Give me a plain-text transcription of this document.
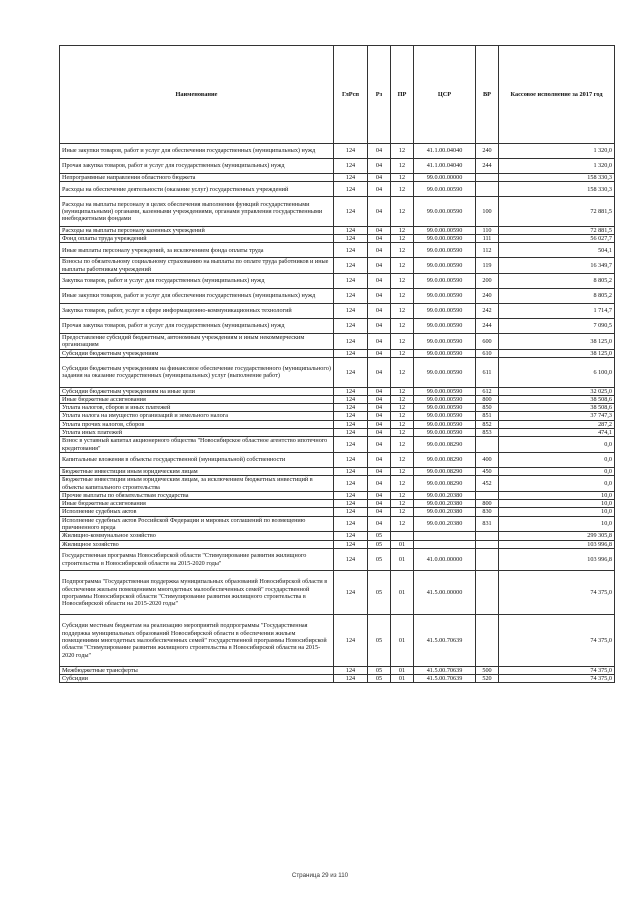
Наименование	ГлРсп	Рз	ПР	ЦСР	ВР	Кассовое исполнение за 2017 год
Иные закупки товаров, работ и услуг для обеспечения государственных (муниципальных) нужд	124	04	12	41.1.00.04040	240	1 320,0
Прочая закупка товаров, работ и услуг для государственных (муниципальных) нужд	124	04	12	41.1.00.04040	244	1 320,0
Непрограммные направления областного бюджета	124	04	12	99.0.00.00000		158 330,3
Расходы на обеспечение деятельности (оказание услуг) государственных учреждений	124	04	12	99.0.00.00590		158 330,3
Расходы на выплаты персоналу в целях обеспечения выполнения функций государственными (муниципальными) органами, казенными учреждениями, органами управления государственными внебюджетными фондами	124	04	12	99.0.00.00590	100	72 881,5
Расходы на выплаты персоналу казенных учреждений	124	04	12	99.0.00.00590	110	72 881,5
Фонд оплаты труда учреждений	124	04	12	99.0.00.00590	111	56 027,7
Иные выплаты персоналу учреждений, за исключением фонда оплаты труда	124	04	12	99.0.00.00590	112	504,1
Взносы по обязательному социальному страхованию на выплаты по оплате труда работников и иные выплаты работникам учреждений	124	04	12	99.0.00.00590	119	16 349,7
Закупка товаров, работ и услуг для государственных (муниципальных) нужд	124	04	12	99.0.00.00590	200	8 805,2
Иные закупки товаров, работ и услуг для обеспечения государственных (муниципальных) нужд	124	04	12	99.0.00.00590	240	8 805,2
Закупка товаров, работ, услуг в сфере информационно-коммуникационных технологий	124	04	12	99.0.00.00590	242	1 714,7
Прочая закупка товаров, работ и услуг для государственных (муниципальных) нужд	124	04	12	99.0.00.00590	244	7 090,5
Предоставление субсидий бюджетным, автономным учреждениям и иным некоммерческим организациям	124	04	12	99.0.00.00590	600	38 125,0
Субсидии бюджетным учреждениям	124	04	12	99.0.00.00590	610	38 125,0
Субсидии бюджетным учреждениям на финансовое обеспечение государственного (муниципального) задания на оказание государственных (муниципальных) услуг (выполнение работ)	124	04	12	99.0.00.00590	611	6 100,0
Субсидии бюджетным учреждениям на иные цели	124	04	12	99.0.00.00590	612	32 025,0
Иные бюджетные ассигнования	124	04	12	99.0.00.00590	800	38 508,6
Уплата налогов, сборов и иных платежей	124	04	12	99.0.00.00590	850	38 508,6
Уплата налога на имущество организаций и земельного налога	124	04	12	99.0.00.00590	851	37 747,3
Уплата прочих налогов, сборов	124	04	12	99.0.00.00590	852	287,2
Уплата иных платежей	124	04	12	99.0.00.00590	853	474,1
Взнос в уставный капитал акционерного общества "Новосибирское областное агентство ипотечного кредитования"	124	04	12	99.0.00.08290		0,0
Капитальные вложения в объекты государственной (муниципальной) собственности	124	04	12	99.0.00.08290	400	0,0
Бюджетные инвестиции иным юридическим лицам	124	04	12	99.0.00.08290	450	0,0
Бюджетные инвестиции иным юридическим лицам, за исключением бюджетных инвестиций в объекты капитального строительства	124	04	12	99.0.00.08290	452	0,0
Прочие выплаты по обязательствам государства	124	04	12	99.0.00.20380		10,0
Иные бюджетные ассигнования	124	04	12	99.0.00.20380	800	10,0
Исполнение судебных актов	124	04	12	99.0.00.20380	830	10,0
Исполнение судебных актов Российской Федерации и мировых соглашений по возмещению причиненного вреда	124	04	12	99.0.00.20380	831	10,0
Жилищно-коммунальное хозяйство	124	05				299 305,8
Жилищное хозяйство	124	05	01			103 996,8
Государственная программа Новосибирской области "Стимулирование развития жилищного строительства в Новосибирской области на 2015-2020 годы"	124	05	01	41.0.00.00000		103 996,8
Подпрограмма "Государственная поддержка муниципальных образований Новосибирской области в обеспечении жильем помещениями многодетных малообеспеченных семей" государственной программы Новосибирской области "Стимулирование развития жилищного строительства в Новосибирской области на 2015-2020 годы"	124	05	01	41.5.00.00000		74 375,0
Субсидии местным бюджетам на реализацию мероприятий подпрограммы "Государственная поддержка муниципальных образований Новосибирской области в обеспечении жильем помещениями многодетных малообеспеченных семей" государственной программы Новосибирской области "Стимулирование развития жилищного строительства в Новосибирской области на 2015-2020 годы"	124	05	01	41.5.00.70639		74 375,0
Межбюджетные трансферты	124	05	01	41.5.00.70639	500	74 375,0
Субсидии	124	05	01	41.5.00.70639	520	74 375,0
Страница 29 из 110
